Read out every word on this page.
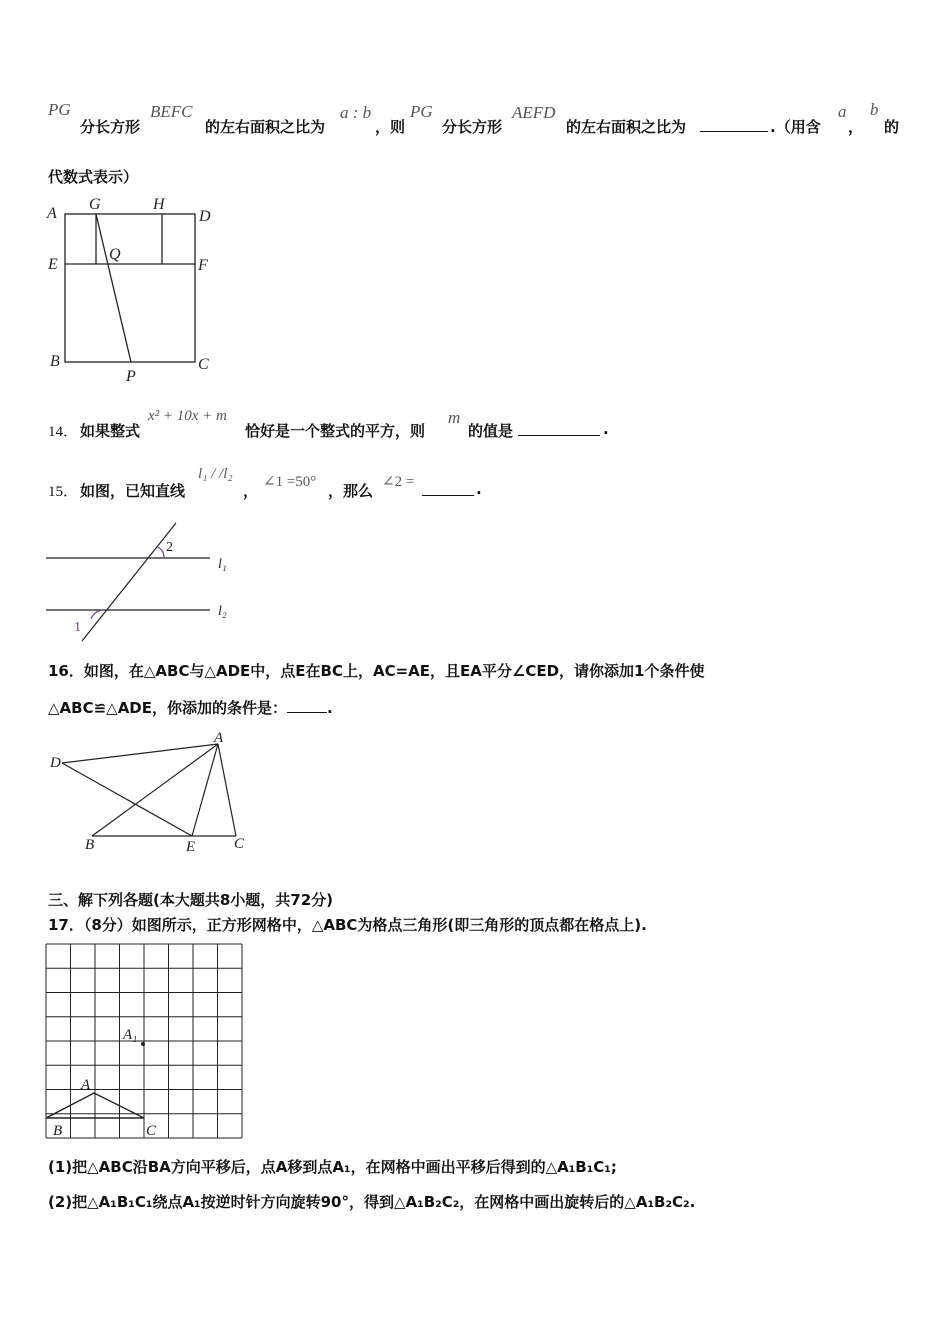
PG
分长方形
BEFC
的左右面积之比为
a : b
，则
PG
分长方形
AEFD
的左右面积之比为	.（用含
a
，
b
的
代数式表示）
A
G	H
D
E
Q
F
B
P
C
14． 如果整式
x² + 10x + m
恰好是一个整式的平方，则
m
的值是	.
15． 如图，已知直线
l₁ / /l₂
， ∠1 =50° ，那么 ∠2 =	.
2
1
l₁
l₂
16．如图，在△ABC与△ADE中，点E在BC上，AC=AE，且EA平分∠CED，请你添加1个条件使
△ABC≌△ADE，你添加的条件是：	.
A
D
B	E	C
三、解下列各题(本大题共8小题，共72分)
17．（8分）如图所示，正方形网格中，△ABC为格点三角形(即三角形的顶点都在格点上).
A₁
A
B	C
(1)把△ABC沿BA方向平移后，点A移到点A₁，在网格中画出平移后得到的△A₁B₁C₁;
(2)把△A₁B₁C₁绕点A₁按逆时针方向旋转90°，得到△A₁B₂C₂，在网格中画出旋转后的△A₁B₂C₂.
